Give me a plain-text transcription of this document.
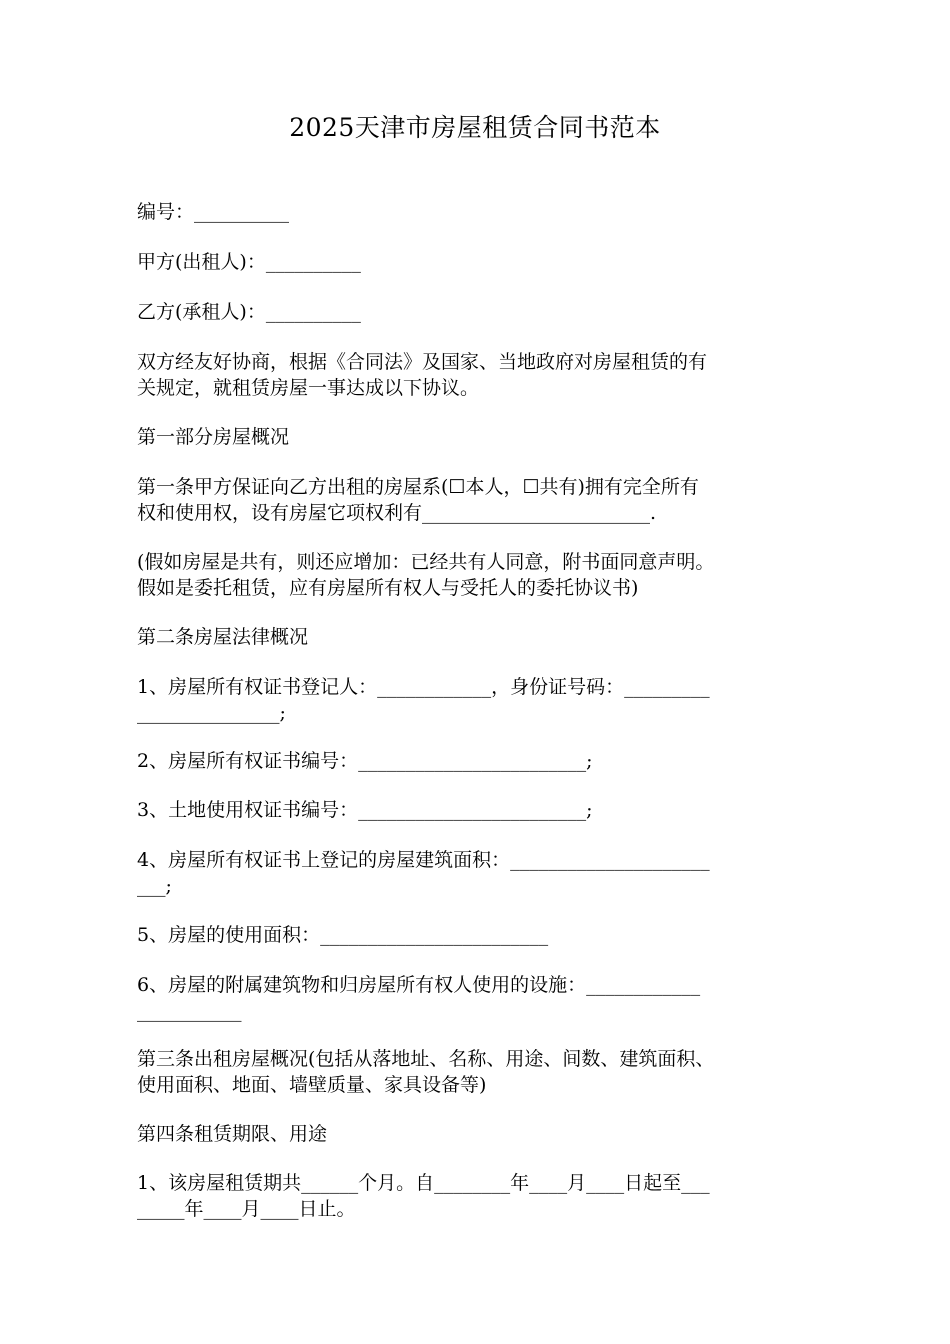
2025天津市房屋租赁合同书范本
编号：__________
甲方(出租人)：__________
乙方(承租人)：__________
双方经友好协商，根据《合同法》及国家、当地政府对房屋租赁的有
关规定，就租赁房屋一事达成以下协议。
第一部分房屋概况
第一条甲方保证向乙方出租的房屋系(☐本人，☐共有)拥有完全所有
权和使用权，设有房屋它项权利有________________________.
(假如房屋是共有，则还应增加：已经共有人同意，附书面同意声明。
假如是委托租赁，应有房屋所有权人与受托人的委托协议书)
第二条房屋法律概况
1、房屋所有权证书登记人：____________，身份证号码：_________
_______________;
2、房屋所有权证书编号：________________________;
3、土地使用权证书编号：________________________;
4、房屋所有权证书上登记的房屋建筑面积：_____________________
___;
5、房屋的使用面积：________________________
6、房屋的附属建筑物和归房屋所有权人使用的设施：____________
___________
第三条出租房屋概况(包括从落地址、名称、用途、间数、建筑面积、
使用面积、地面、墙壁质量、家具设备等)
第四条租赁期限、用途
1、该房屋租赁期共______个月。自________年____月____日起至___
_____年____月____日止。
